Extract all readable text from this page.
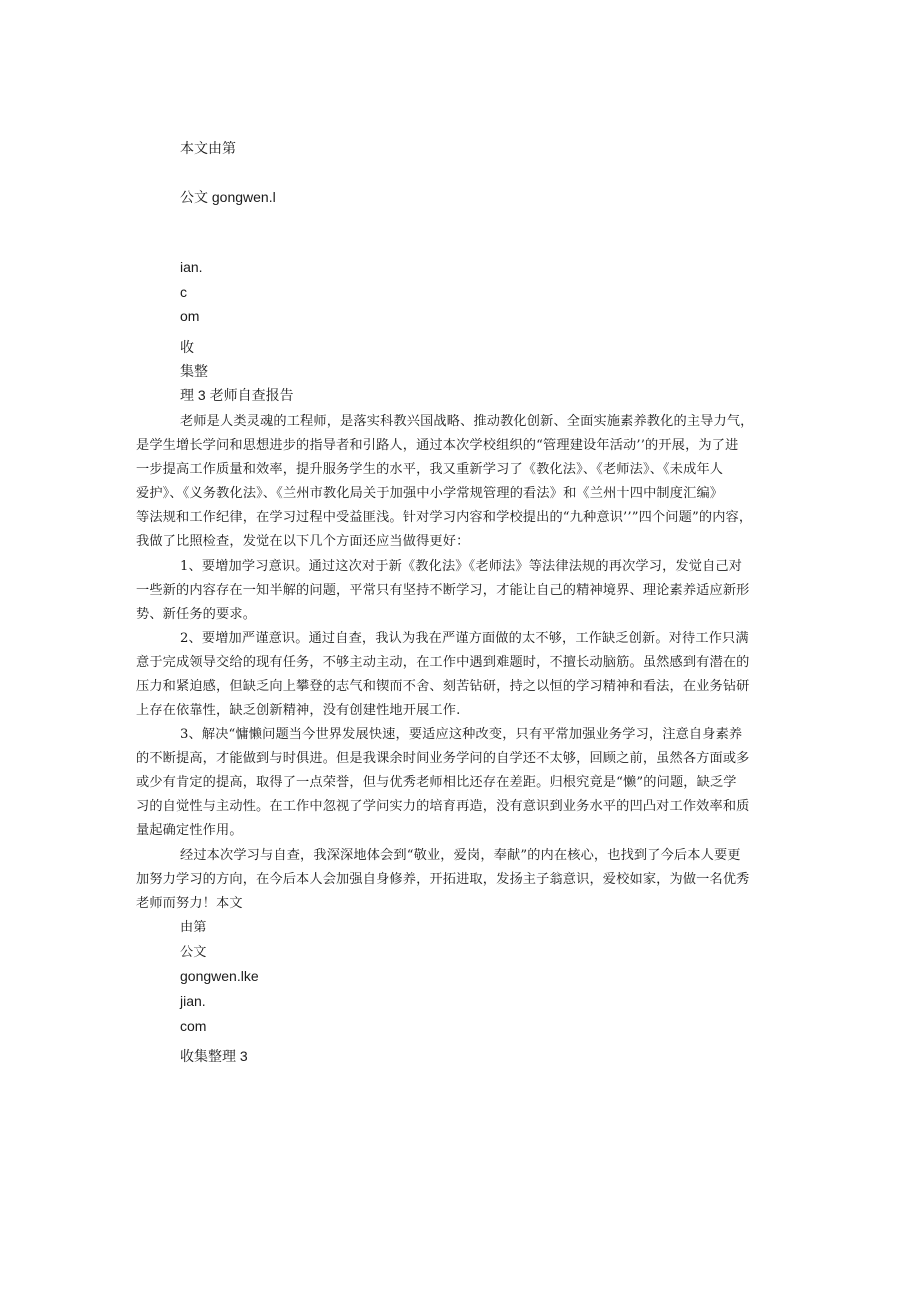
本文由第

公文 gongwen.l

ian.

c

om

收

集整

理 3 老师自查报告

老师是人类灵魂的工程师，是落实科教兴国战略、推动教化创新、全面实施素养教化的主导力气，

是学生增长学问和思想进步的指导者和引路人，通过本次学校组织的“管理建设年活动’’的开展，为了进

一步提高工作质量和效率，提升服务学生的水平，我又重新学习了《教化法》、《老师法》、《未成年人

爱护》、《义务教化法》、《兰州市教化局关于加强中小学常规管理的看法》和《兰州十四中制度汇编》

等法规和工作纪律，在学习过程中受益匪浅。针对学习内容和学校提出的“九种意识’’”四个问题”的内容，

我做了比照检查，发觉在以下几个方面还应当做得更好：

1、要增加学习意识。通过这次对于新《教化法》《老师法》等法律法规的再次学习，发觉自己对

一些新的内容存在一知半解的问题，平常只有坚持不断学习，才能让自己的精神境界、理论素养适应新形

势、新任务的要求。

2、要增加严谨意识。通过自查，我认为我在严谨方面做的太不够，工作缺乏创新。对待工作只满

意于完成领导交给的现有任务，不够主动主动，在工作中遇到难题时，不擅长动脑筋。虽然感到有潜在的

压力和紧迫感，但缺乏向上攀登的志气和锲而不舍、刻苦钻研，持之以恒的学习精神和看法，在业务钻研

上存在依靠性，缺乏创新精神，没有创建性地开展工作.

3、解决“慵懒问题当今世界发展快速，要适应这种改变，只有平常加强业务学习，注意自身素养

的不断提高，才能做到与时俱进。但是我课余时间业务学问的自学还不太够，回顾之前，虽然各方面或多

或少有肯定的提高，取得了一点荣誉，但与优秀老师相比还存在差距。归根究竟是“懒”的问题，缺乏学

习的自觉性与主动性。在工作中忽视了学问实力的培育再造，没有意识到业务水平的凹凸对工作效率和质

量起确定性作用。

经过本次学习与自查，我深深地体会到“敬业，爱岗，奉献”的内在核心，也找到了今后本人要更

加努力学习的方向，在今后本人会加强自身修养，开拓进取，发扬主子翁意识，爱校如家，为做一名优秀

老师而努力！本文

由第

公文

gongwen.lke

jian.

com

收集整理 3
